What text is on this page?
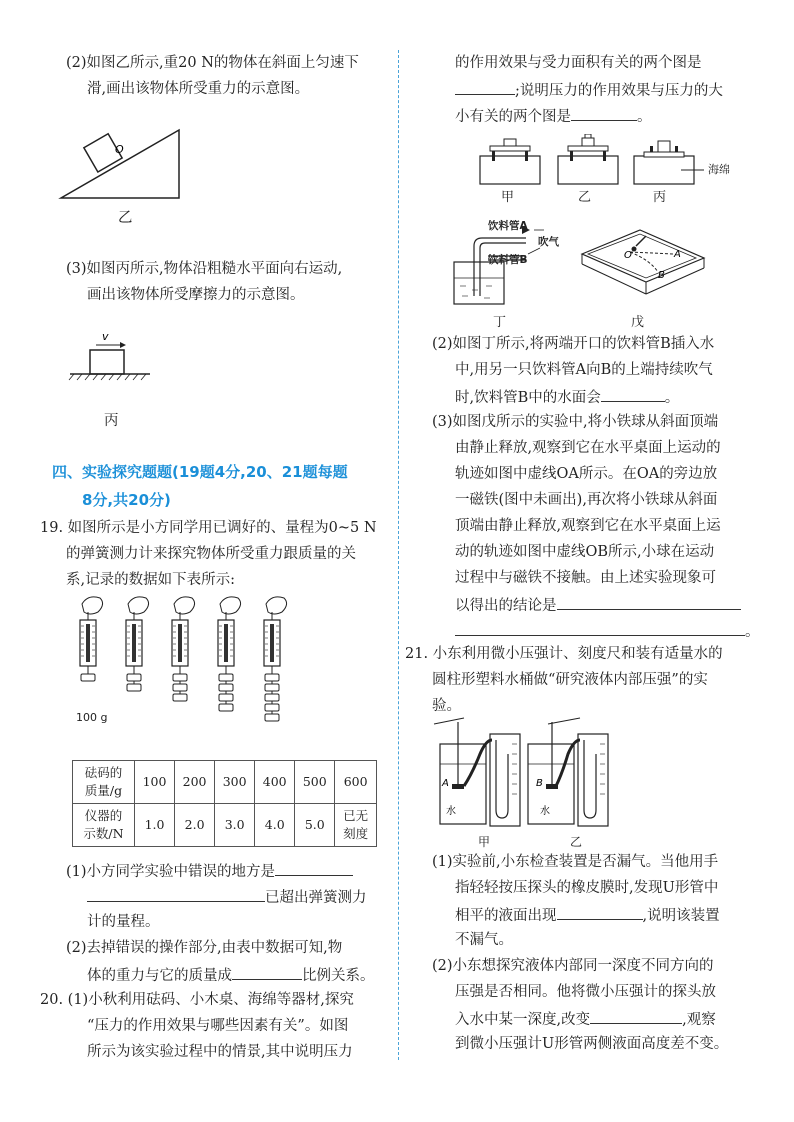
(2)如图乙所示,重20 N的物体在斜面上匀速下
滑,画出该物体所受重力的示意图。
O
乙
(3)如图丙所示,物体沿粗糙水平面向右运动,
画出该物体所受摩擦力的示意图。
v
丙
四、实验探究题题(19题4分,20、21题每题
8分,共20分)
19. 如图所示是小方同学用已调好的、量程为0~5 N
的弹簧测力计来探究物体所受重力跟质量的关
系,记录的数据如下表所示:
100 g
砝码的
质量/g	100	200	300	400	500	600
仪器的
示数/N	1.0	2.0	3.0	4.0	5.0	已无
刻度
(1)小方同学实验中错误的地方是
已超出弹簧测力
计的量程。
(2)去掉错误的操作部分,由表中数据可知,物
体的重力与它的质量成	比例关系。
20. (1)小秋利用砝码、小木桌、海绵等器材,探究
“压力的作用效果与哪些因素有关”。如图
所示为该实验过程中的情景,其中说明压力
的作用效果与受力面积有关的两个图是
;说明压力的作用效果与压力的大
小有关的两个图是	。
海绵
甲	乙	丙
饮料管A
吹气
饮料管B
丁
O	A
B
戊
(2)如图丁所示,将两端开口的饮料管B插入水
中,用另一只饮料管A向B的上端持续吹气
时,饮料管B中的水面会	。
(3)如图戊所示的实验中,将小铁球从斜面顶端
由静止释放,观察到它在水平桌面上运动的
轨迹如图中虚线OA所示。在OA的旁边放
一磁铁(图中未画出),再次将小铁球从斜面
顶端由静止释放,观察到它在水平桌面上运
动的轨迹如图中虚线OB所示,小球在运动
过程中与磁铁不接触。由上述实验现象可
以得出的结论是
。
21. 小东利用微小压强计、刻度尺和装有适量水的
圆柱形塑料水桶做“研究液体内部压强”的实
验。
A	B
水	水
甲	乙
(1)实验前,小东检查装置是否漏气。当他用手
指轻轻按压探头的橡皮膜时,发现U形管中
相平的液面出现	,说明该装置
不漏气。
(2)小东想探究液体内部同一深度不同方向的
压强是否相同。他将微小压强计的探头放
入水中某一深度,改变	,观察
到微小压强计U形管两侧液面高度差不变。
